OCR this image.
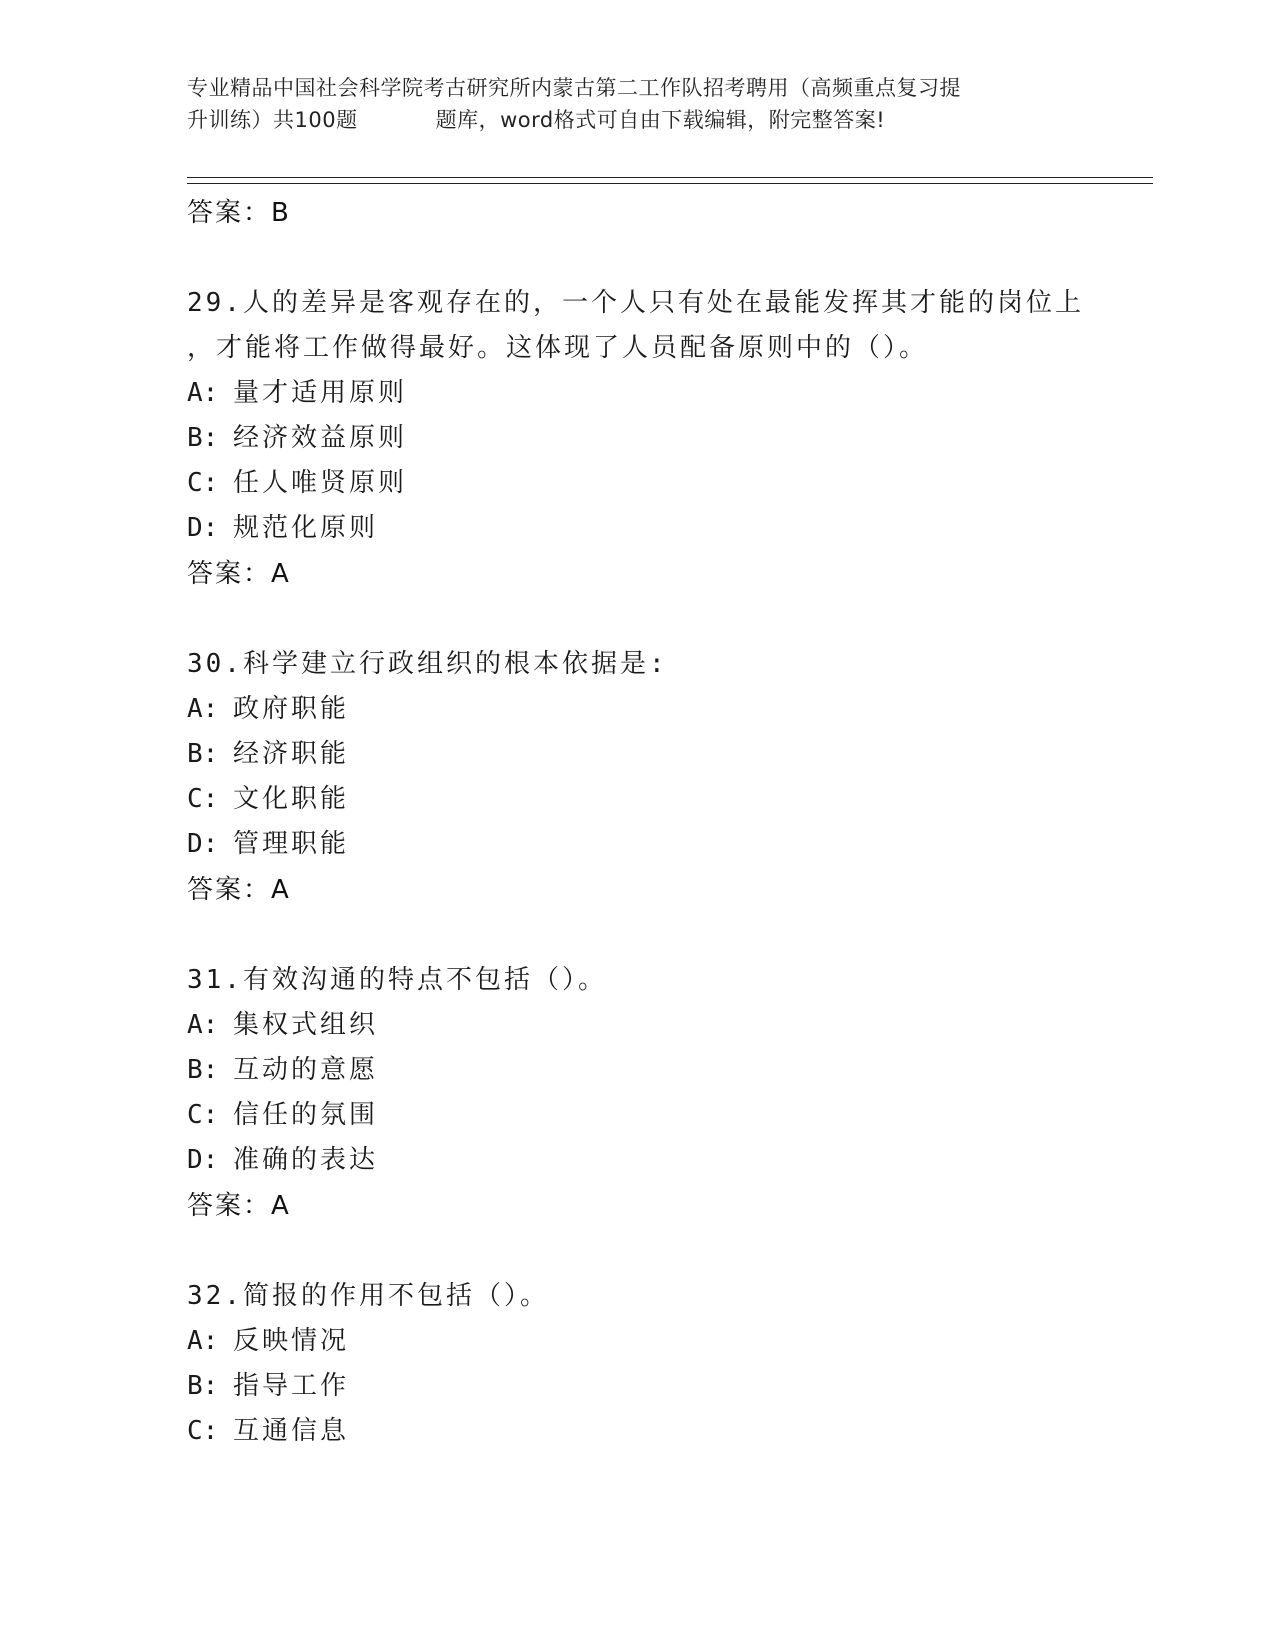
专业精品中国社会科学院考古研究所内蒙古第二工作队招考聘用（高频重点复习提
升训练）共100题	题库，word格式可自由下载编辑，附完整答案!
答案：B
29.人的差异是客观存在的，一个人只有处在最能发挥其才能的岗位上
，才能将工作做得最好。这体现了人员配备原则中的（）。
A: 量才适用原则
B: 经济效益原则
C: 任人唯贤原则
D: 规范化原则
答案：A
30.科学建立行政组织的根本依据是:
A: 政府职能
B: 经济职能
C: 文化职能
D: 管理职能
答案：A
31.有效沟通的特点不包括（）。
A: 集权式组织
B: 互动的意愿
C: 信任的氛围
D: 准确的表达
答案：A
32.简报的作用不包括（）。
A: 反映情况
B: 指导工作
C: 互通信息
